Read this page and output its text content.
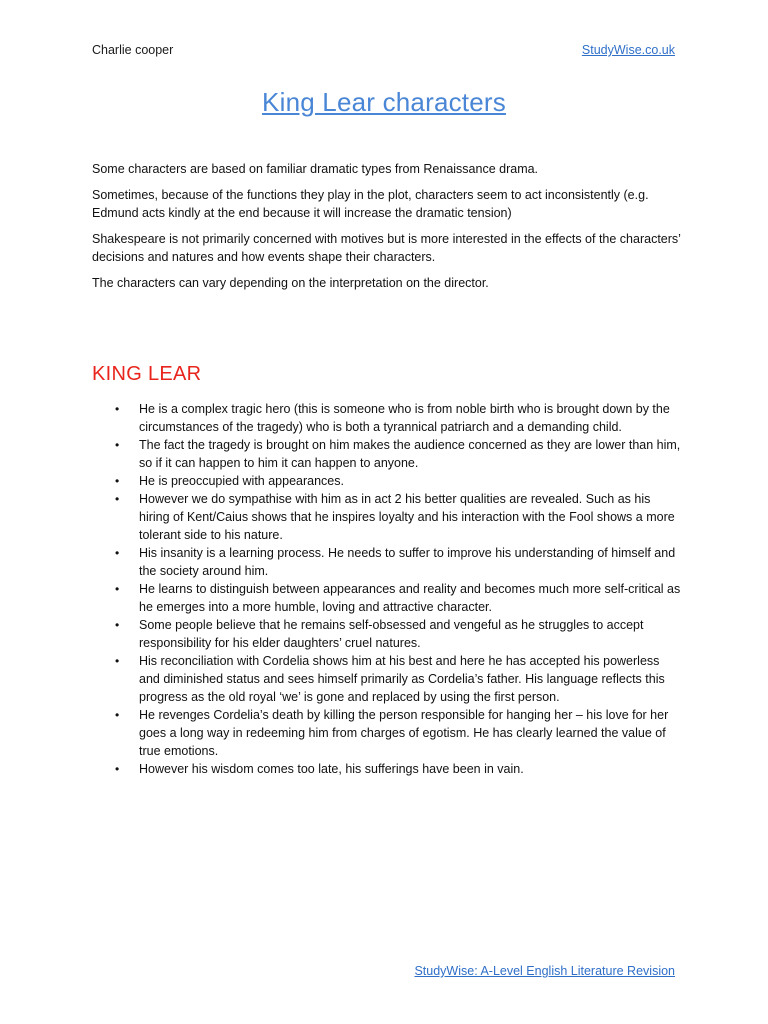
Charlie cooper	StudyWise.co.uk
King Lear characters

Some characters are based on familiar dramatic types from Renaissance drama.

Sometimes, because of the functions they play in the plot, characters seem to act inconsistently (e.g. Edmund acts kindly at the end because it will increase the dramatic tension)

Shakespeare is not primarily concerned with motives but is more interested in the effects of the characters’ decisions and natures and how events shape their characters.

The characters can vary depending on the interpretation on the director.

KING LEAR
• He is a complex tragic hero (this is someone who is from noble birth who is brought down by the circumstances of the tragedy) who is both a tyrannical patriarch and a demanding child.
• The fact the tragedy is brought on him makes the audience concerned as they are lower than him, so if it can happen to him it can happen to anyone.
• He is preoccupied with appearances.
• However we do sympathise with him as in act 2 his better qualities are revealed. Such as his hiring of Kent/Caius shows that he inspires loyalty and his interaction with the Fool shows a more tolerant side to his nature.
• His insanity is a learning process. He needs to suffer to improve his understanding of himself and the society around him.
• He learns to distinguish between appearances and reality and becomes much more self-critical as he emerges into a more humble, loving and attractive character.
• Some people believe that he remains self-obsessed and vengeful as he struggles to accept responsibility for his elder daughters’ cruel natures.
• His reconciliation with Cordelia shows him at his best and here he has accepted his powerless and diminished status and sees himself primarily as Cordelia’s father. His language reflects this progress as the old royal ‘we’ is gone and replaced by using the first person.
• He revenges Cordelia’s death by killing the person responsible for hanging her – his love for her goes a long way in redeeming him from charges of egotism. He has clearly learned the value of true emotions.
• However his wisdom comes too late, his sufferings have been in vain.
StudyWise: A-Level English Literature Revision
